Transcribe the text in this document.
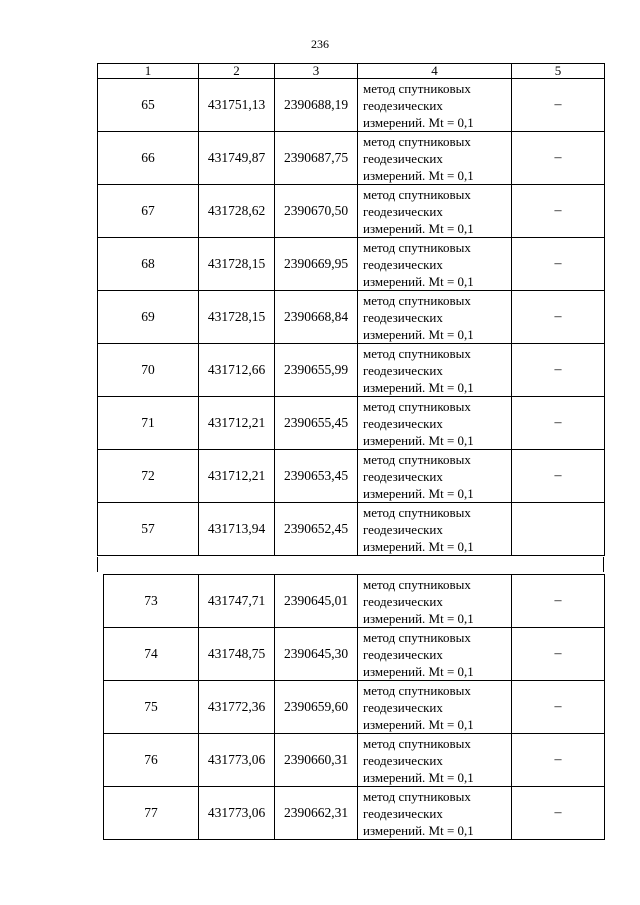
236
1	2	3	4	5
65	431751,13	2390688,19	метод спутниковых
геодезических
измерений. Mt = 0,1	–
66	431749,87	2390687,75	метод спутниковых
геодезических
измерений. Mt = 0,1	–
67	431728,62	2390670,50	метод спутниковых
геодезических
измерений. Mt = 0,1	–
68	431728,15	2390669,95	метод спутниковых
геодезических
измерений. Mt = 0,1	–
69	431728,15	2390668,84	метод спутниковых
геодезических
измерений. Mt = 0,1	–
70	431712,66	2390655,99	метод спутниковых
геодезических
измерений. Mt = 0,1	–
71	431712,21	2390655,45	метод спутниковых
геодезических
измерений. Mt = 0,1	–
72	431712,21	2390653,45	метод спутниковых
геодезических
измерений. Mt = 0,1	–
57	431713,94	2390652,45	метод спутниковых
геодезических
измерений. Mt = 0,1	

73	431747,71	2390645,01	метод спутниковых
геодезических
измерений. Mt = 0,1	–
74	431748,75	2390645,30	метод спутниковых
геодезических
измерений. Mt = 0,1	–
75	431772,36	2390659,60	метод спутниковых
геодезических
измерений. Mt = 0,1	–
76	431773,06	2390660,31	метод спутниковых
геодезических
измерений. Mt = 0,1	–
77	431773,06	2390662,31	метод спутниковых
геодезических
измерений. Mt = 0,1	–
